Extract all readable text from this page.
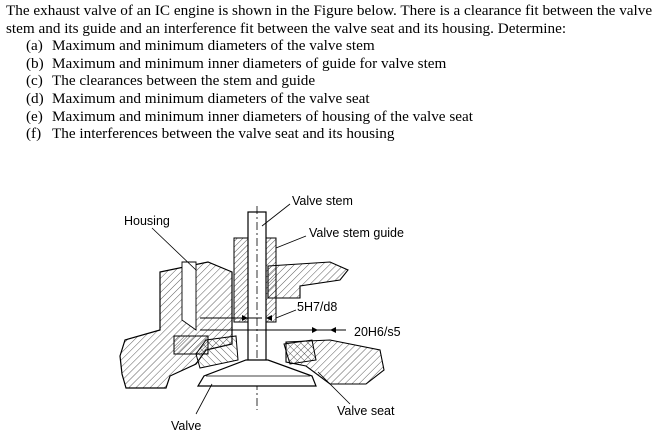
The exhaust valve of an IC engine is shown in the Figure below. There is a clearance fit between the valve stem and its guide and an interference fit between the valve seat and its housing. Determine:

(a) Maximum and minimum diameters of the valve stem
(b) Maximum and minimum inner diameters of guide for valve stem
(c) The clearances between the stem and guide
(d) Maximum and minimum diameters of the valve seat
(e) Maximum and minimum inner diameters of housing of the valve seat
(f) The interferences between the valve seat and its housing
Valve stem
Housing
Valve stem guide
5H7/d8
20H6/s5
Valve seat
Valve
